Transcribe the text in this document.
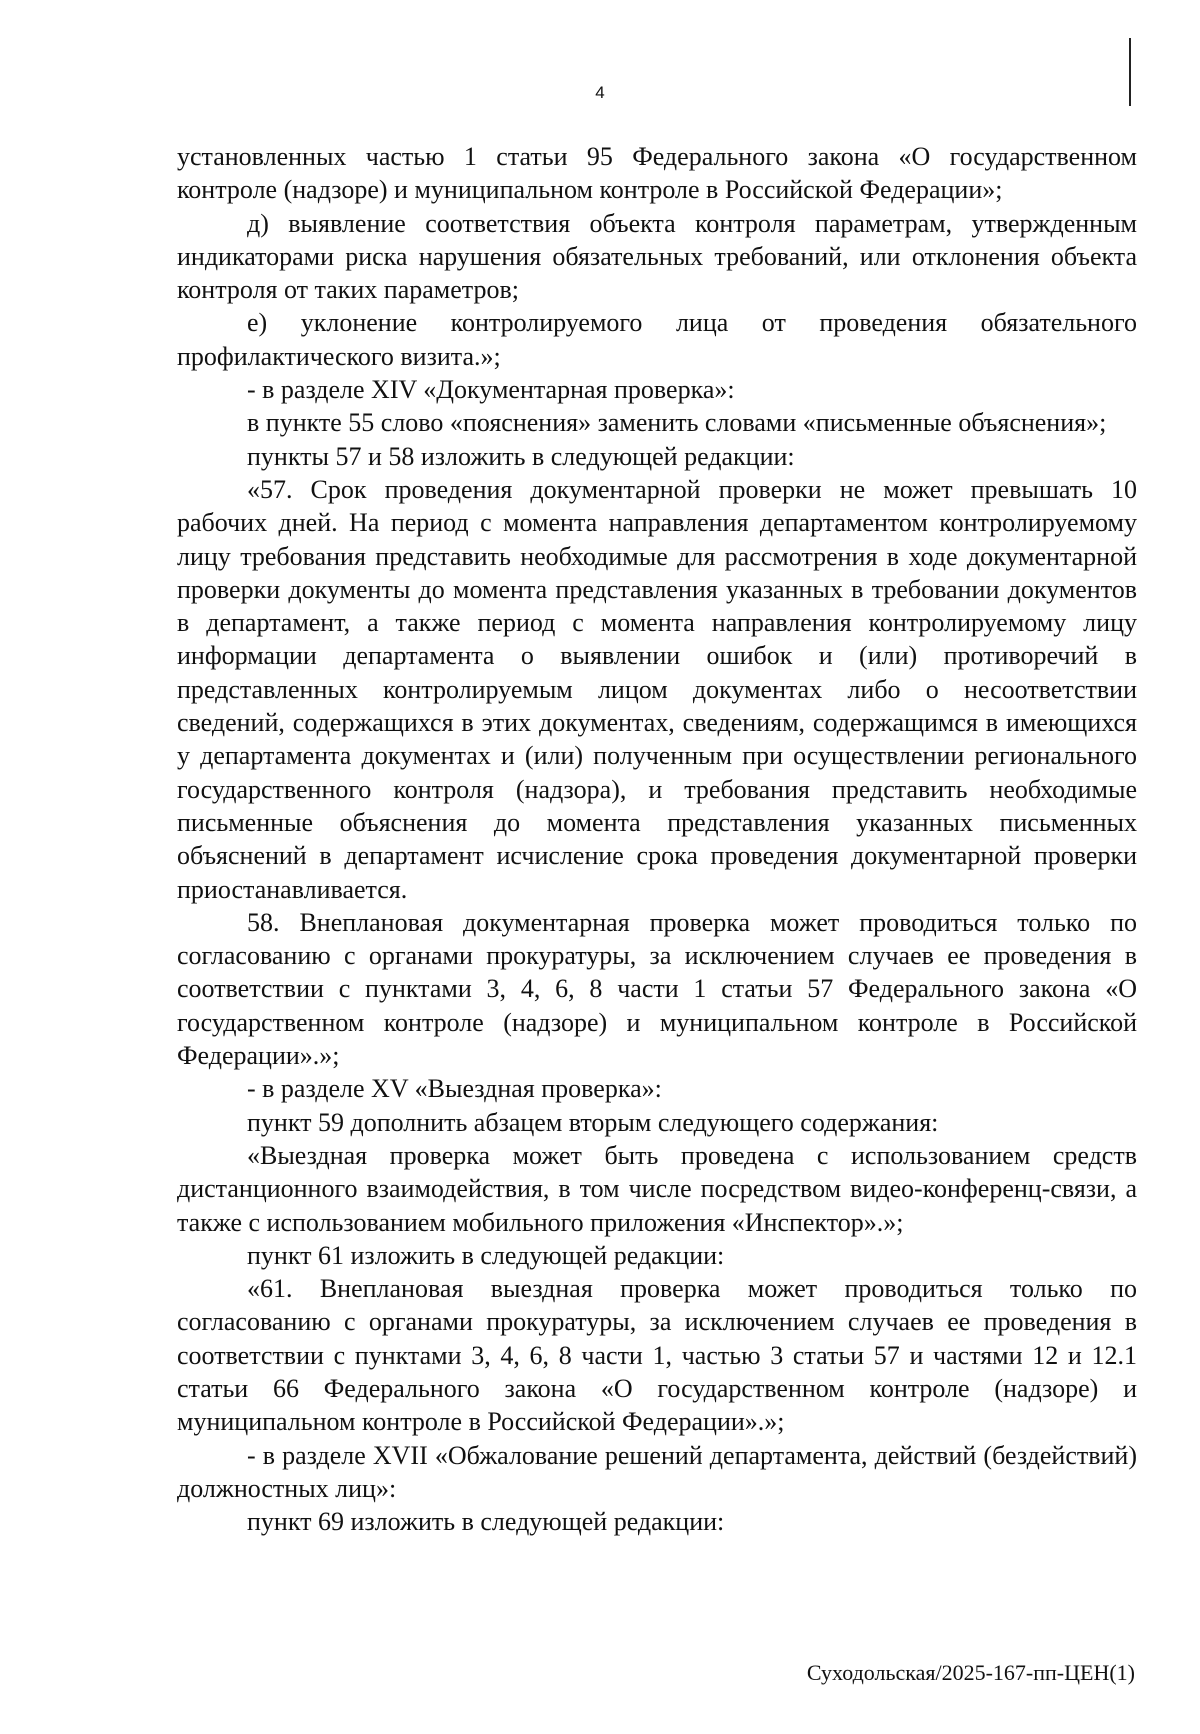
4

установленных частью 1 статьи 95 Федерального закона «О государственном контроле (надзоре) и муниципальном контроле в Российской Федерации»;

д) выявление соответствия объекта контроля параметрам, утвержденным индикаторами риска нарушения обязательных требований, или отклонения объекта контроля от таких параметров;

е) уклонение контролируемого лица от проведения обязательного профилактического визита.»;

- в разделе XIV «Документарная проверка»:

в пункте 55 слово «пояснения» заменить словами «письменные объяснения»;

пункты 57 и 58 изложить в следующей редакции:

«57. Срок проведения документарной проверки не может превышать 10 рабочих дней. На период с момента направления департаментом контролируемому лицу требования представить необходимые для рассмотрения в ходе документарной проверки документы до момента представления указанных в требовании документов в департамент, а также период с момента направления контролируемому лицу информации департамента о выявлении ошибок и (или) противоречий в представленных контролируемым лицом документах либо о несоответствии сведений, содержащихся в этих документах, сведениям, содержащимся в имеющихся у департамента документах и (или) полученным при осуществлении регионального государственного контроля (надзора), и требования представить необходимые письменные объяснения до момента представления указанных письменных объяснений в департамент исчисление срока проведения документарной проверки приостанавливается.

58. Внеплановая документарная проверка может проводиться только по согласованию с органами прокуратуры, за исключением случаев ее проведения в соответствии с пунктами 3, 4, 6, 8 части 1 статьи 57 Федерального закона «О государственном контроле (надзоре) и муниципальном контроле в Российской Федерации».»;

- в разделе XV «Выездная проверка»:

пункт 59 дополнить абзацем вторым следующего содержания:

«Выездная проверка может быть проведена с использованием средств дистанционного взаимодействия, в том числе посредством видео-конференц-связи, а также с использованием мобильного приложения «Инспектор».»;

пункт 61 изложить в следующей редакции:

«61. Внеплановая выездная проверка может проводиться только по согласованию с органами прокуратуры, за исключением случаев ее проведения в соответствии с пунктами 3, 4, 6, 8 части 1, частью 3 статьи 57 и частями 12 и 12.1 статьи 66 Федерального закона «О государственном контроле (надзоре) и муниципальном контроле в Российской Федерации».»;

- в разделе XVII «Обжалование решений департамента, действий (бездействий) должностных лиц»:

пункт 69 изложить в следующей редакции:

Суходольская/2025-167-пп-ЦЕН(1)
